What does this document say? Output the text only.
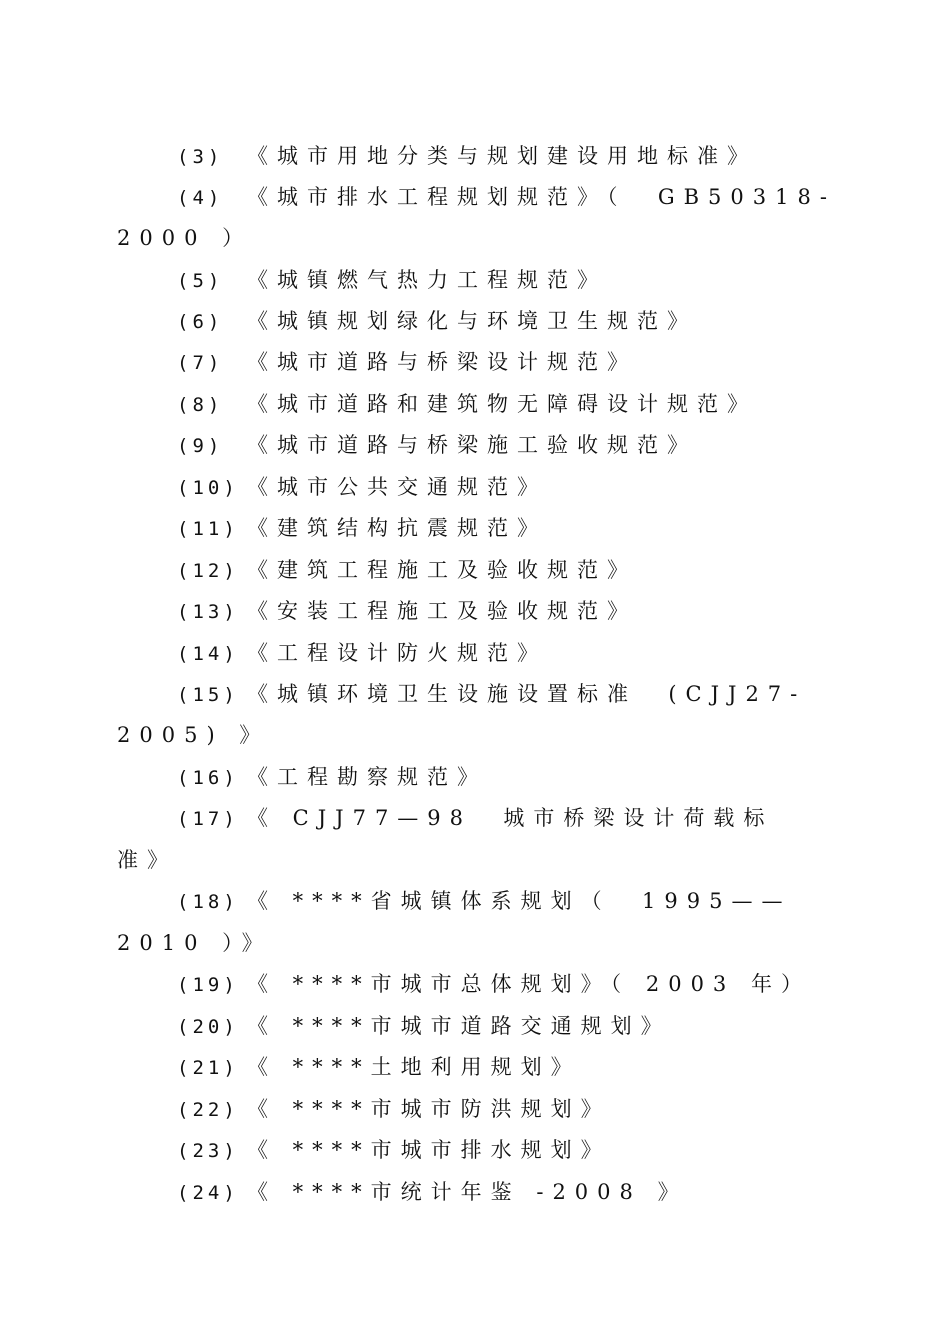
(3) 《城市用地分类与规划建设用地标准》
(4) 《城市排水工程规划规范》（  GB50318-
2000 ）
(5) 《城镇燃气热力工程规范》
(6) 《城镇规划绿化与环境卫生规范》
(7) 《城市道路与桥梁设计规范》
(8) 《城市道路和建筑物无障碍设计规范》
(9) 《城市道路与桥梁施工验收规范》
(10) 《城市公共交通规范》
(11) 《建筑结构抗震规范》
(12) 《建筑工程施工及验收规范》
(13) 《安装工程施工及验收规范》
(14) 《工程设计防火规范》
(15) 《城镇环境卫生设施设置标准  (CJJ27-
2005) 》
(16) 《工程勘察规范》
(17) 《 CJJ77—98  城市桥梁设计荷载标
准》
(18) 《 ****省城镇体系规划（  1995——
2010 ）》
(19) 《 ****市城市总体规划》（ 2003 年）
(20) 《 ****市城市道路交通规划》
(21) 《 ****土地利用规划》
(22) 《 ****市城市防洪规划》
(23) 《 ****市城市排水规划》
(24) 《 ****市统计年鉴 -2008 》
